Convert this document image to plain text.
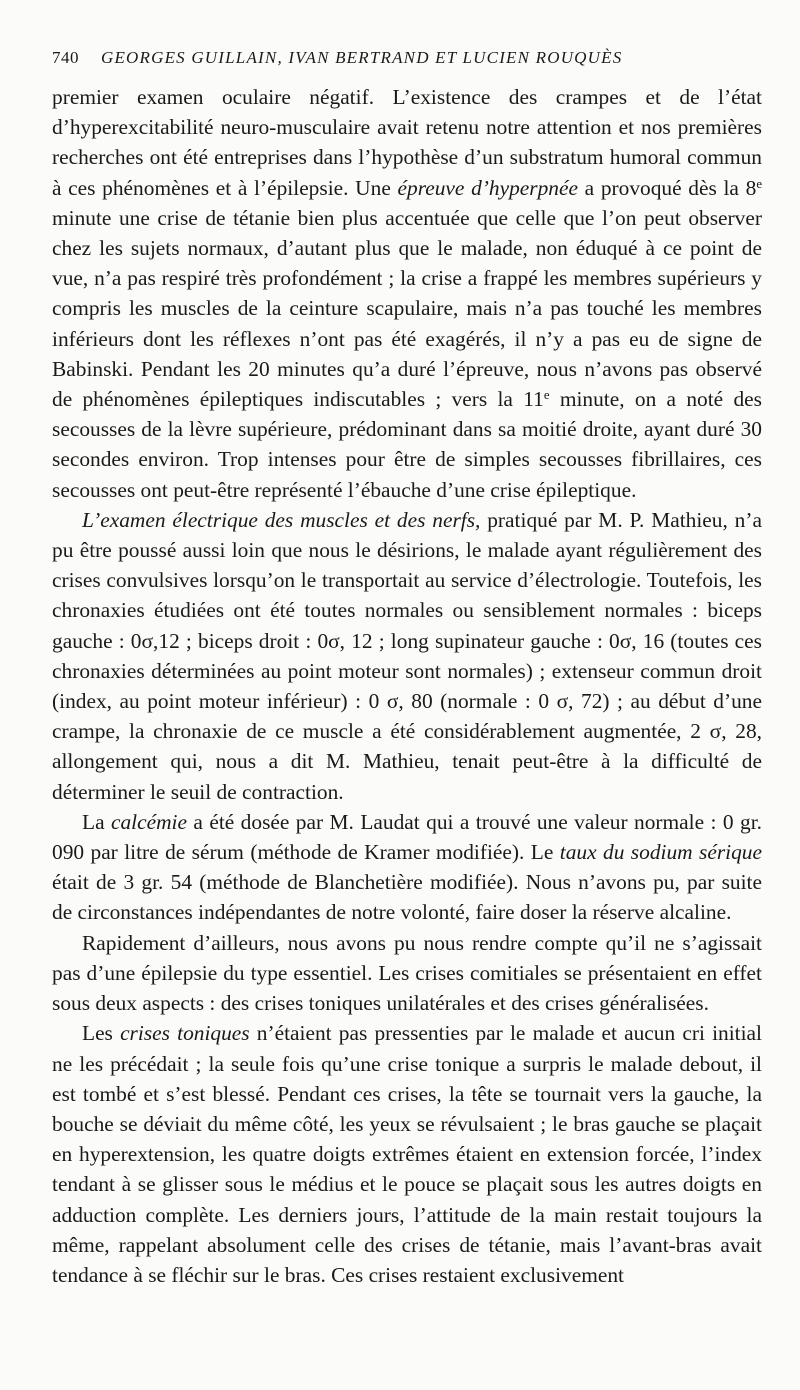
740 GEORGES GUILLAIN, IVAN BERTRAND ET LUCIEN ROUQUÈS

premier examen oculaire négatif. L’existence des crampes et de l’état d’hyperexcitabilité neuro-musculaire avait retenu notre attention et nos premières recherches ont été entreprises dans l’hypothèse d’un substratum humoral commun à ces phénomènes et à l’épilepsie. Une épreuve d’hyperpnée a provoqué dès la 8e minute une crise de tétanie bien plus accentuée que celle que l’on peut observer chez les sujets normaux, d’autant plus que le malade, non éduqué à ce point de vue, n’a pas respiré très profondément ; la crise a frappé les membres supérieurs y compris les muscles de la ceinture scapulaire, mais n’a pas touché les membres inférieurs dont les réflexes n’ont pas été exagérés, il n’y a pas eu de signe de Babinski. Pendant les 20 minutes qu’a duré l’épreuve, nous n’avons pas observé de phénomènes épileptiques indiscutables ; vers la 11e minute, on a noté des secousses de la lèvre supérieure, prédominant dans sa moitié droite, ayant duré 30 secondes environ. Trop intenses pour être de simples secousses fibrillaires, ces secousses ont peut-être représenté l’ébauche d’une crise épileptique.

L’examen électrique des muscles et des nerfs, pratiqué par M. P. Mathieu, n’a pu être poussé aussi loin que nous le désirions, le malade ayant régulièrement des crises convulsives lorsqu’on le transportait au service d’électrologie. Toutefois, les chronaxies étudiées ont été toutes normales ou sensiblement normales : biceps gauche : 0σ,12 ; biceps droit : 0σ, 12 ; long supinateur gauche : 0σ, 16 (toutes ces chronaxies déterminées au point moteur sont normales) ; extenseur commun droit (index, au point moteur inférieur) : 0 σ, 80 (normale : 0 σ, 72) ; au début d’une crampe, la chronaxie de ce muscle a été considérablement augmentée, 2 σ, 28, allongement qui, nous a dit M. Mathieu, tenait peut-être à la difficulté de déterminer le seuil de contraction.

La calcémie a été dosée par M. Laudat qui a trouvé une valeur normale : 0 gr. 090 par litre de sérum (méthode de Kramer modifiée). Le taux du sodium sérique était de 3 gr. 54 (méthode de Blanchetière modifiée). Nous n’avons pu, par suite de circonstances indépendantes de notre volonté, faire doser la réserve alcaline.

Rapidement d’ailleurs, nous avons pu nous rendre compte qu’il ne s’agissait pas d’une épilepsie du type essentiel. Les crises comitiales se présentaient en effet sous deux aspects : des crises toniques unilatérales et des crises généralisées.

Les crises toniques n’étaient pas pressenties par le malade et aucun cri initial ne les précédait ; la seule fois qu’une crise tonique a surpris le malade debout, il est tombé et s’est blessé. Pendant ces crises, la tête se tournait vers la gauche, la bouche se déviait du même côté, les yeux se révulsaient ; le bras gauche se plaçait en hyperextension, les quatre doigts extrêmes étaient en extension forcée, l’index tendant à se glisser sous le médius et le pouce se plaçait sous les autres doigts en adduction complète. Les derniers jours, l’attitude de la main restait toujours la même, rappelant absolument celle des crises de tétanie, mais l’avant-bras avait tendance à se fléchir sur le bras. Ces crises restaient exclusivement
